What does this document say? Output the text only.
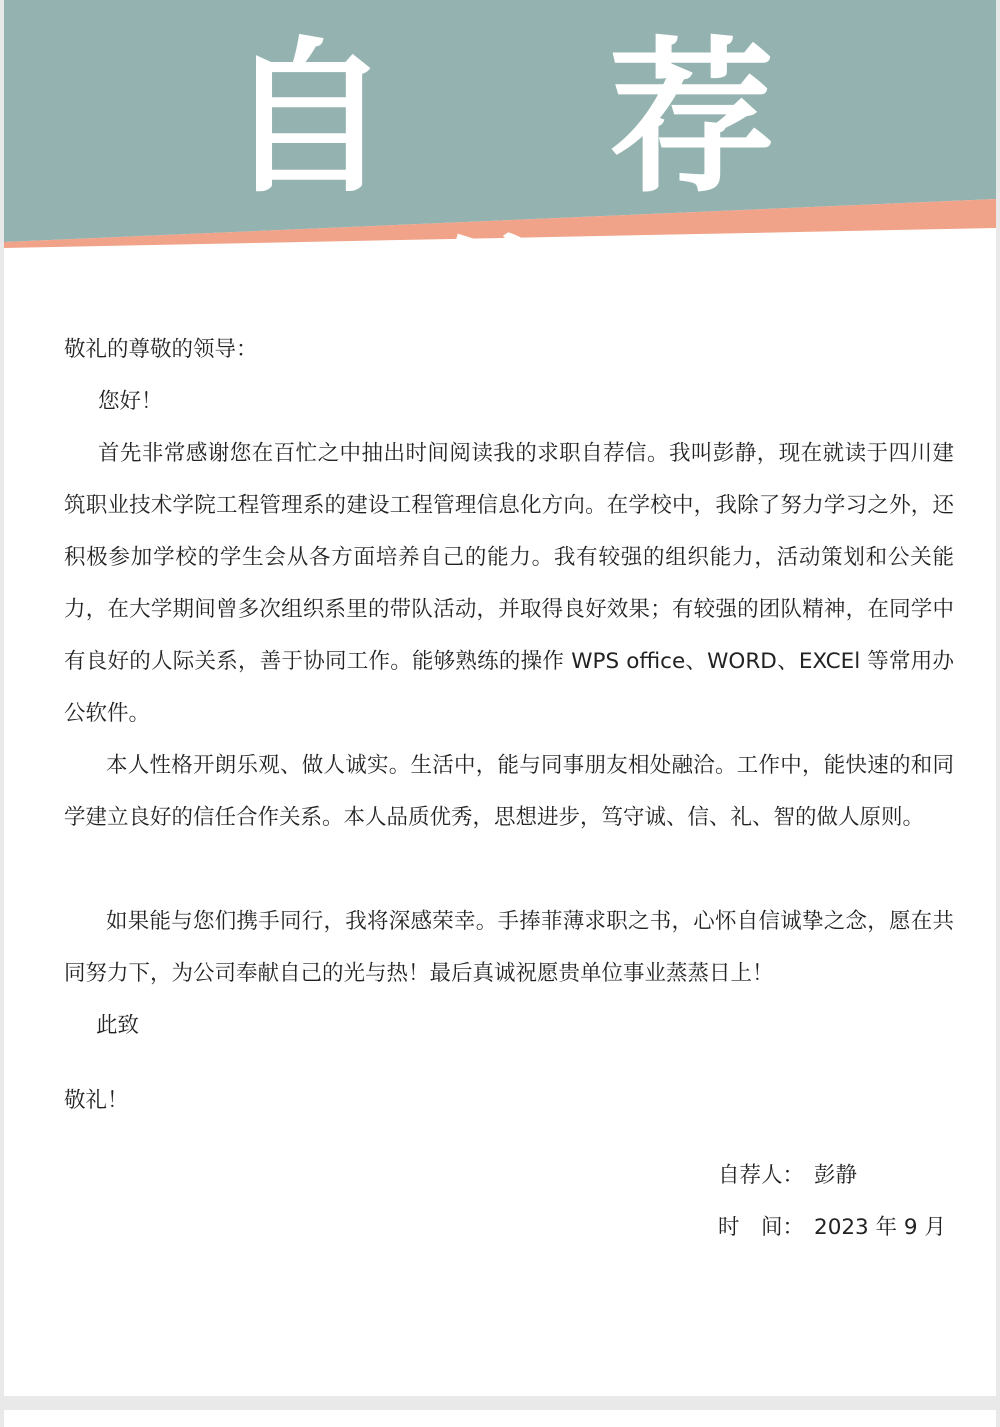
自 荐 信

敬礼的尊敬的领导：

您好！

首先非常感谢您在百忙之中抽出时间阅读我的求职自荐信。我叫彭静，现在就读于四川建筑职业技术学院工程管理系的建设工程管理信息化方向。在学校中，我除了努力学习之外，还积极参加学校的学生会从各方面培养自己的能力。我有较强的组织能力，活动策划和公关能力，在大学期间曾多次组织系里的带队活动，并取得良好效果；有较强的团队精神，在同学中有良好的人际关系，善于协同工作。能够熟练的操作 WPS office、WORD、EXCEl 等常用办公软件。

本人性格开朗乐观、做人诚实。生活中，能与同事朋友相处融洽。工作中，能快速的和同学建立良好的信任合作关系。本人品质优秀，思想进步，笃守诚、信、礼、智的做人原则。

如果能与您们携手同行，我将深感荣幸。手捧菲薄求职之书，心怀自信诚挚之念，愿在共同努力下，为公司奉献自己的光与热！最后真诚祝愿贵单位事业蒸蒸日上！

此致

敬礼！

自荐人： 彭静
时　间： 2023 年 9 月
